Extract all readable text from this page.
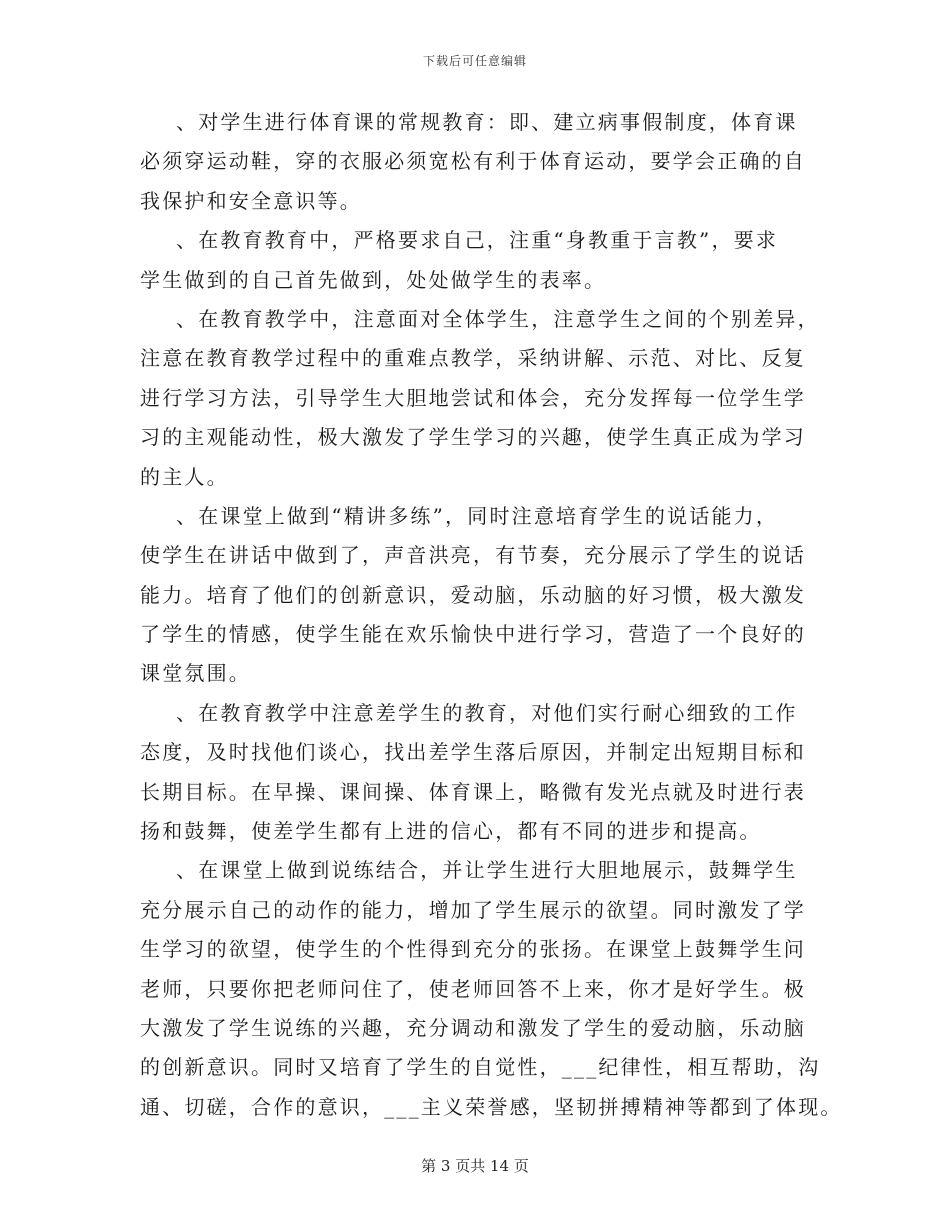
下载后可任意编辑
、对学生进行体育课的常规教育：即、建立病事假制度，体育课
必须穿运动鞋，穿的衣服必须宽松有利于体育运动，要学会正确的自
我保护和安全意识等。
、在教育教育中，严格要求自己，注重“身教重于言教”，要求
学生做到的自己首先做到，处处做学生的表率。
、在教育教学中，注意面对全体学生，注意学生之间的个别差异，
注意在教育教学过程中的重难点教学，采纳讲解、示范、对比、反复
进行学习方法，引导学生大胆地尝试和体会，充分发挥每一位学生学
习的主观能动性，极大激发了学生学习的兴趣，使学生真正成为学习
的主人。
、在课堂上做到“精讲多练”，同时注意培育学生的说话能力，
使学生在讲话中做到了，声音洪亮，有节奏，充分展示了学生的说话
能力。培育了他们的创新意识，爱动脑，乐动脑的好习惯，极大激发
了学生的情感，使学生能在欢乐愉快中进行学习，营造了一个良好的
课堂氛围。
、在教育教学中注意差学生的教育，对他们实行耐心细致的工作
态度，及时找他们谈心，找出差学生落后原因，并制定出短期目标和
长期目标。在早操、课间操、体育课上，略微有发光点就及时进行表
扬和鼓舞，使差学生都有上进的信心，都有不同的进步和提高。
、在课堂上做到说练结合，并让学生进行大胆地展示，鼓舞学生
充分展示自己的动作的能力，增加了学生展示的欲望。同时激发了学
生学习的欲望，使学生的个性得到充分的张扬。在课堂上鼓舞学生问
老师，只要你把老师问住了，使老师回答不上来，你才是好学生。极
大激发了学生说练的兴趣，充分调动和激发了学生的爱动脑，乐动脑
的创新意识。同时又培育了学生的自觉性，___纪律性，相互帮助，沟
通、切磋，合作的意识，___主义荣誉感，坚韧拼搏精神等都到了体现。
第 3 页共 14 页
